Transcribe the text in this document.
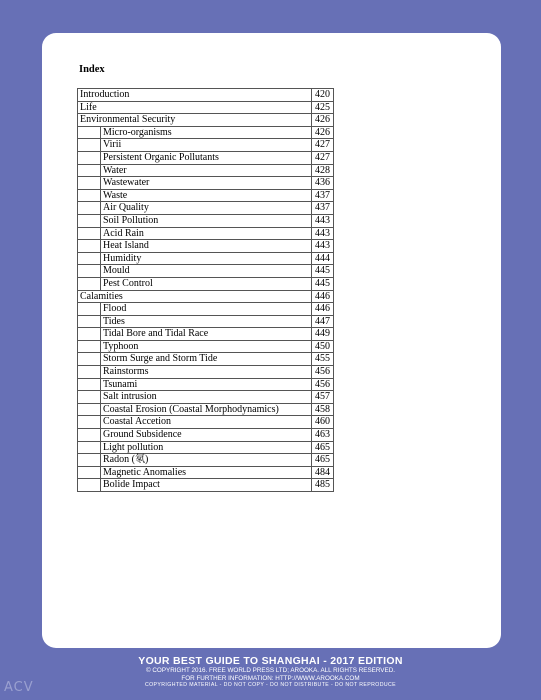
Index
Introduction		420
Life		425
Environmental Security		426
	Micro-organisms	426
	Virii	427
	Persistent Organic Pollutants	427
	Water	428
	Wastewater	436
	Waste	437
	Air Quality	437
	Soil Pollution	443
	Acid Rain	443
	Heat Island	443
	Humidity	444
	Mould	445
	Pest Control	445
Calamities		446
	Flood	446
	Tides	447
	Tidal Bore and Tidal Race	449
	Typhoon	450
	Storm Surge and Storm Tide	455
	Rainstorms	456
	Tsunami	456
	Salt intrusion	457
	Coastal Erosion (Coastal Morphodynamics)	458
	Coastal Accetion	460
	Ground Subsidence	463
	Light pollution	465
	Radon (氡)	465
	Magnetic Anomalies	484
	Bolide Impact	485
YOUR BEST GUIDE TO SHANGHAI - 2017 EDITION
© COPYRIGHT 2016. FREE WORLD PRESS LTD; AROOKA. ALL RIGHTS RESERVED.
FOR FURTHER INFORMATION: HTTP://WWW.AROOKA.COM
COPYRIGHTED MATERIAL - DO NOT COPY - DO NOT DISTRIBUTE - DO NOT REPRODUCE
ACV
